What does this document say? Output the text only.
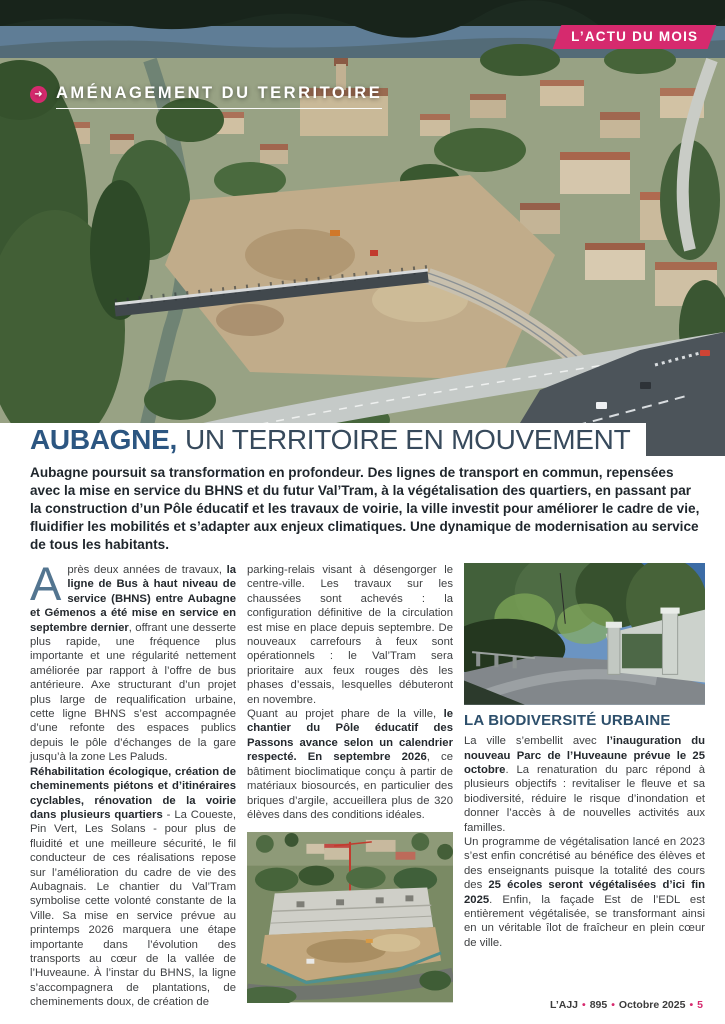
L’ACTU DU MOIS
➜ AMÉNAGEMENT DU TERRITOIRE
AUBAGNE, UN TERRITOIRE EN MOUVEMENT

Aubagne poursuit sa transformation en profondeur. Des lignes de transport en commun, repensées avec la mise en service du BHNS et du futur Val’Tram, à la végétalisation des quartiers, en passant par la construction d’un Pôle éducatif et les travaux de voirie, la ville investit pour améliorer le cadre de vie, fluidifier les mobilités et s’adapter aux enjeux climatiques. Une dynamique de modernisation au service de tous les habitants.

Après deux années de travaux, la ligne de Bus à haut niveau de service (BHNS) entre Aubagne et Gémenos a été mise en service en septembre dernier, offrant une desserte plus rapide, une fréquence plus importante et une régularité nettement améliorée par rapport à l’offre de bus antérieure. Axe structurant d’un projet plus large de requalification urbaine, cette ligne BHNS s’est accompagnée d’une refonte des espaces publics depuis le pôle d’échanges de la gare jusqu’à la zone Les Paluds.

Réhabilitation écologique, création de cheminements piétons et d’itinéraires cyclables, rénovation de la voirie dans plusieurs quartiers - La Coueste, Pin Vert, Les Solans - pour plus de fluidité et une meilleure sécurité, le fil conducteur de ces réalisations repose sur l’amélioration du cadre de vie des Aubagnais. Le chantier du Val’Tram symbolise cette volonté constante de la Ville. Sa mise en service prévue au printemps 2026 marquera une étape importante dans l’évolution des transports au cœur de la vallée de l’Huveaune. À l’instar du BHNS, la ligne s’accompagnera de plantations, de cheminements doux, de création de

parking-relais visant à désengorger le centre-ville. Les travaux sur les chaussées sont achevés : la configuration définitive de la circulation est mise en place depuis septembre. De nouveaux carrefours à feux sont opérationnels : le Val’Tram sera prioritaire aux feux rouges dès les phases d’essais, lesquelles débuteront en novembre.

Quant au projet phare de la ville, le chantier du Pôle éducatif des Passons avance selon un calendrier respecté. En septembre 2026, ce bâtiment bioclimatique conçu à partir de matériaux biosourcés, en particulier des briques d’argile, accueillera plus de 320 élèves dans des conditions idéales.

LA BIODIVERSITÉ URBAINE

La ville s’embellit avec l’inauguration du nouveau Parc de l’Huveaune prévue le 25 octobre. La renaturation du parc répond à plusieurs objectifs : revitaliser le fleuve et sa biodiversité, réduire le risque d’inondation et donner l’accès à de nouvelles activités aux familles.

Un programme de végétalisation lancé en 2023 s’est enfin concrétisé au bénéfice des élèves et des enseignants puisque la totalité des cours des 25 écoles seront végétalisées d’ici fin 2025. Enfin, la façade Est de l’EDL est entièrement végétalisée, se transformant ainsi en un véritable îlot de fraîcheur en plein cœur de ville.

L’AJJ • 895 • Octobre 2025 • 5
